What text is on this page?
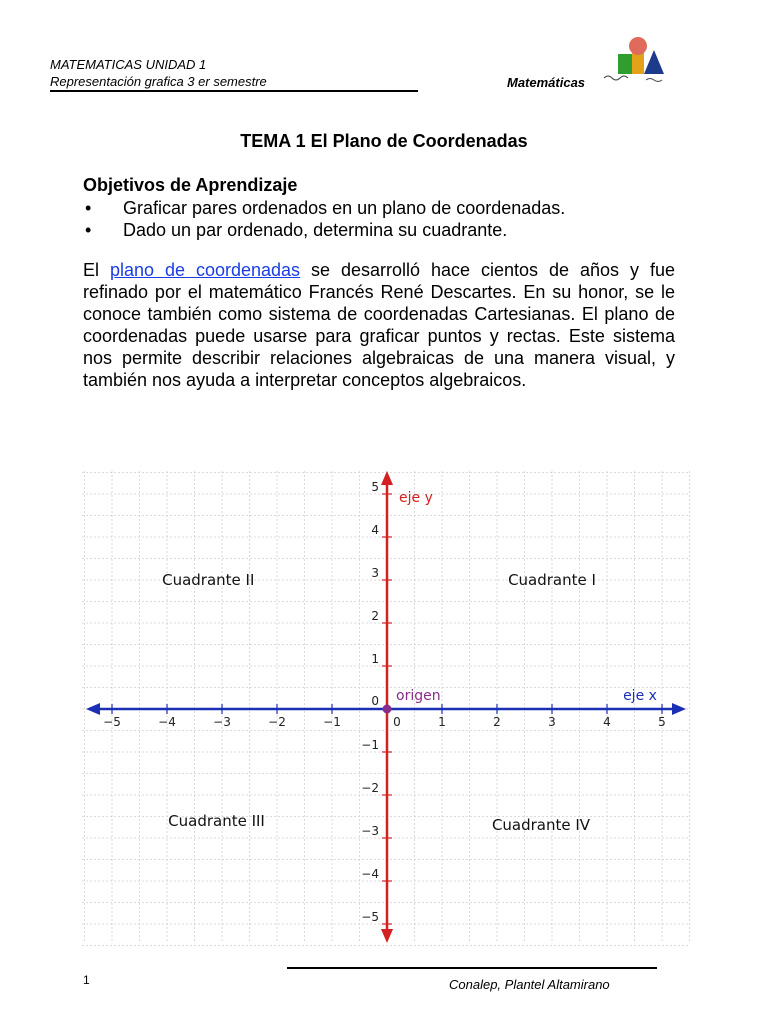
MATEMATICAS UNIDAD 1
Representación grafica 3 er semestre	Matemáticas
TEMA 1 El Plano de Coordenadas
Objetivos de Aprendizaje
• Graficar pares ordenados en un plano de coordenadas.
• Dado un par ordenado, determina su cuadrante.
El plano de coordenadas se desarrolló hace cientos de años y fue refinado por el matemático Francés René Descartes. En su honor, se le conoce también como sistema de coordenadas Cartesianas. El plano de coordenadas puede usarse para graficar puntos y rectas. Este sistema nos permite describir relaciones algebraicas de una manera visual, y también nos ayuda a interpretar conceptos algebraicos.
−5	−4	−3	−2	−1	0	1	2	3	4	5
−5
−4
−3
−2
−1
1
2
3
4
5
0
eje y
eje x
origen
Cuadrante I
Cuadrante II
Cuadrante III	Cuadrante IV
1	Conalep, Plantel Altamirano
